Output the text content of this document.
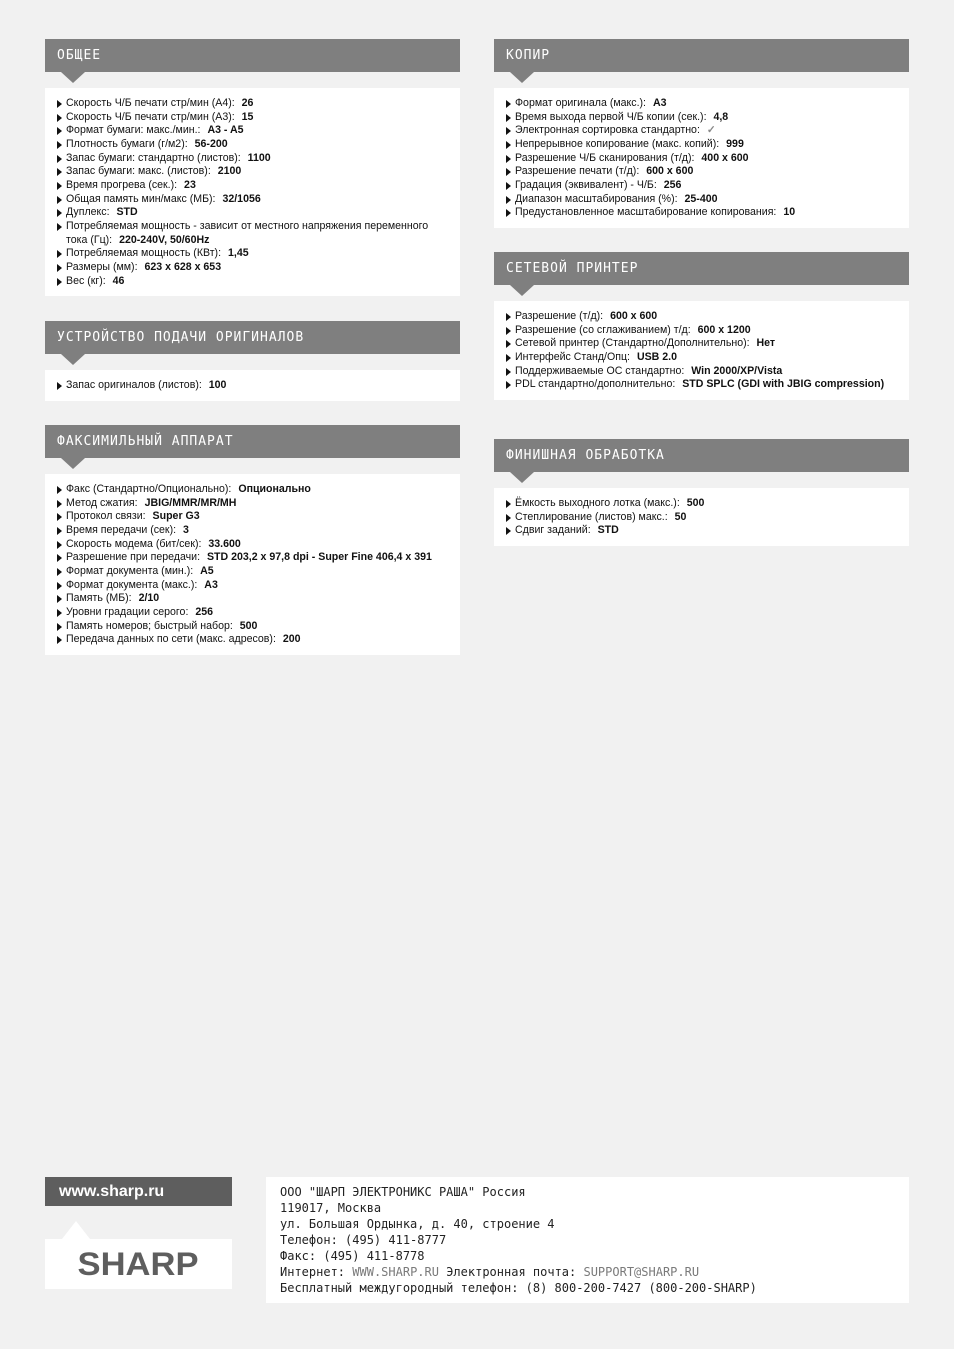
ОБЩЕЕ
Скорость Ч/Б печати стр/мин (A4): 26
Скорость Ч/Б печати стр/мин (A3): 15
Формат бумаги: макс./мин.: A3 - A5
Плотность бумаги (г/м2): 56-200
Запас бумаги: стандартно (листов): 1100
Запас бумаги: макс. (листов): 2100
Время прогрева (сек.): 23
Общая память мин/макс (МБ): 32/1056
Дуплекс: STD
Потребляемая мощность - зависит от местного напряжения переменного тока (Гц): 220-240V, 50/60Hz
Потребляемая мощность (КВт): 1,45
Размеры (мм): 623 x 628 x 653
Вес (кг): 46
УСТРОЙСТВО ПОДАЧИ ОРИГИНАЛОВ
Запас оригиналов (листов): 100
ФАКСИМИЛЬНЫЙ АППАРАТ
Факс (Стандартно/Опционально): Опционально
Метод сжатия: JBIG/MMR/MR/MH
Протокол связи: Super G3
Время передачи (сек): 3
Скорость модема (бит/сек): 33.600
Разрешение при передачи: STD 203,2 x 97,8 dpi - Super Fine 406,4 x 391
Формат документа (мин.): A5
Формат документа (макс.): A3
Память (МБ): 2/10
Уровни градации серого: 256
Память номеров; быстрый набор: 500
Передача данных по сети (макс. адресов): 200
КОПИР
Формат оригинала (макс.): A3
Время выхода первой Ч/Б копии (сек.): 4,8
Электронная сортировка стандартно: ✓
Непрерывное копирование (макс. копий): 999
Разрешение Ч/Б сканирования (т/д): 400 x 600
Разрешение печати (т/д): 600 x 600
Градация (эквивалент) - Ч/Б: 256
Диапазон масштабирования (%): 25-400
Предустановленное масштабирование копирования: 10
СЕТЕВОЙ ПРИНТЕР
Разрешение (т/д): 600 x 600
Разрешение (со сглаживанием) т/д: 600 x 1200
Сетевой принтер (Стандартно/Дополнительно): Нет
Интерфейс Станд/Опц: USB 2.0
Поддерживаемые ОС стандартно: Win 2000/XP/Vista
PDL стандартно/дополнительно: STD SPLC (GDI with JBIG compression)
ФИНИШНАЯ ОБРАБОТКА
Ёмкость выходного лотка (макс.): 500
Степлирование (листов) макс.: 50
Сдвиг заданий: STD
www.sharp.ru
SHARP
ООО "ШАРП ЭЛЕКТРОНИКС РАША" Россия
119017, Москва
ул. Большая Ордынка, д. 40, строение 4
Телефон: (495) 411-8777
Факс: (495) 411-8778
Интернет: WWW.SHARP.RU Электронная почта: SUPPORT@SHARP.RU
Бесплатный междугородный телефон: (8) 800-200-7427 (800-200-SHARP)
